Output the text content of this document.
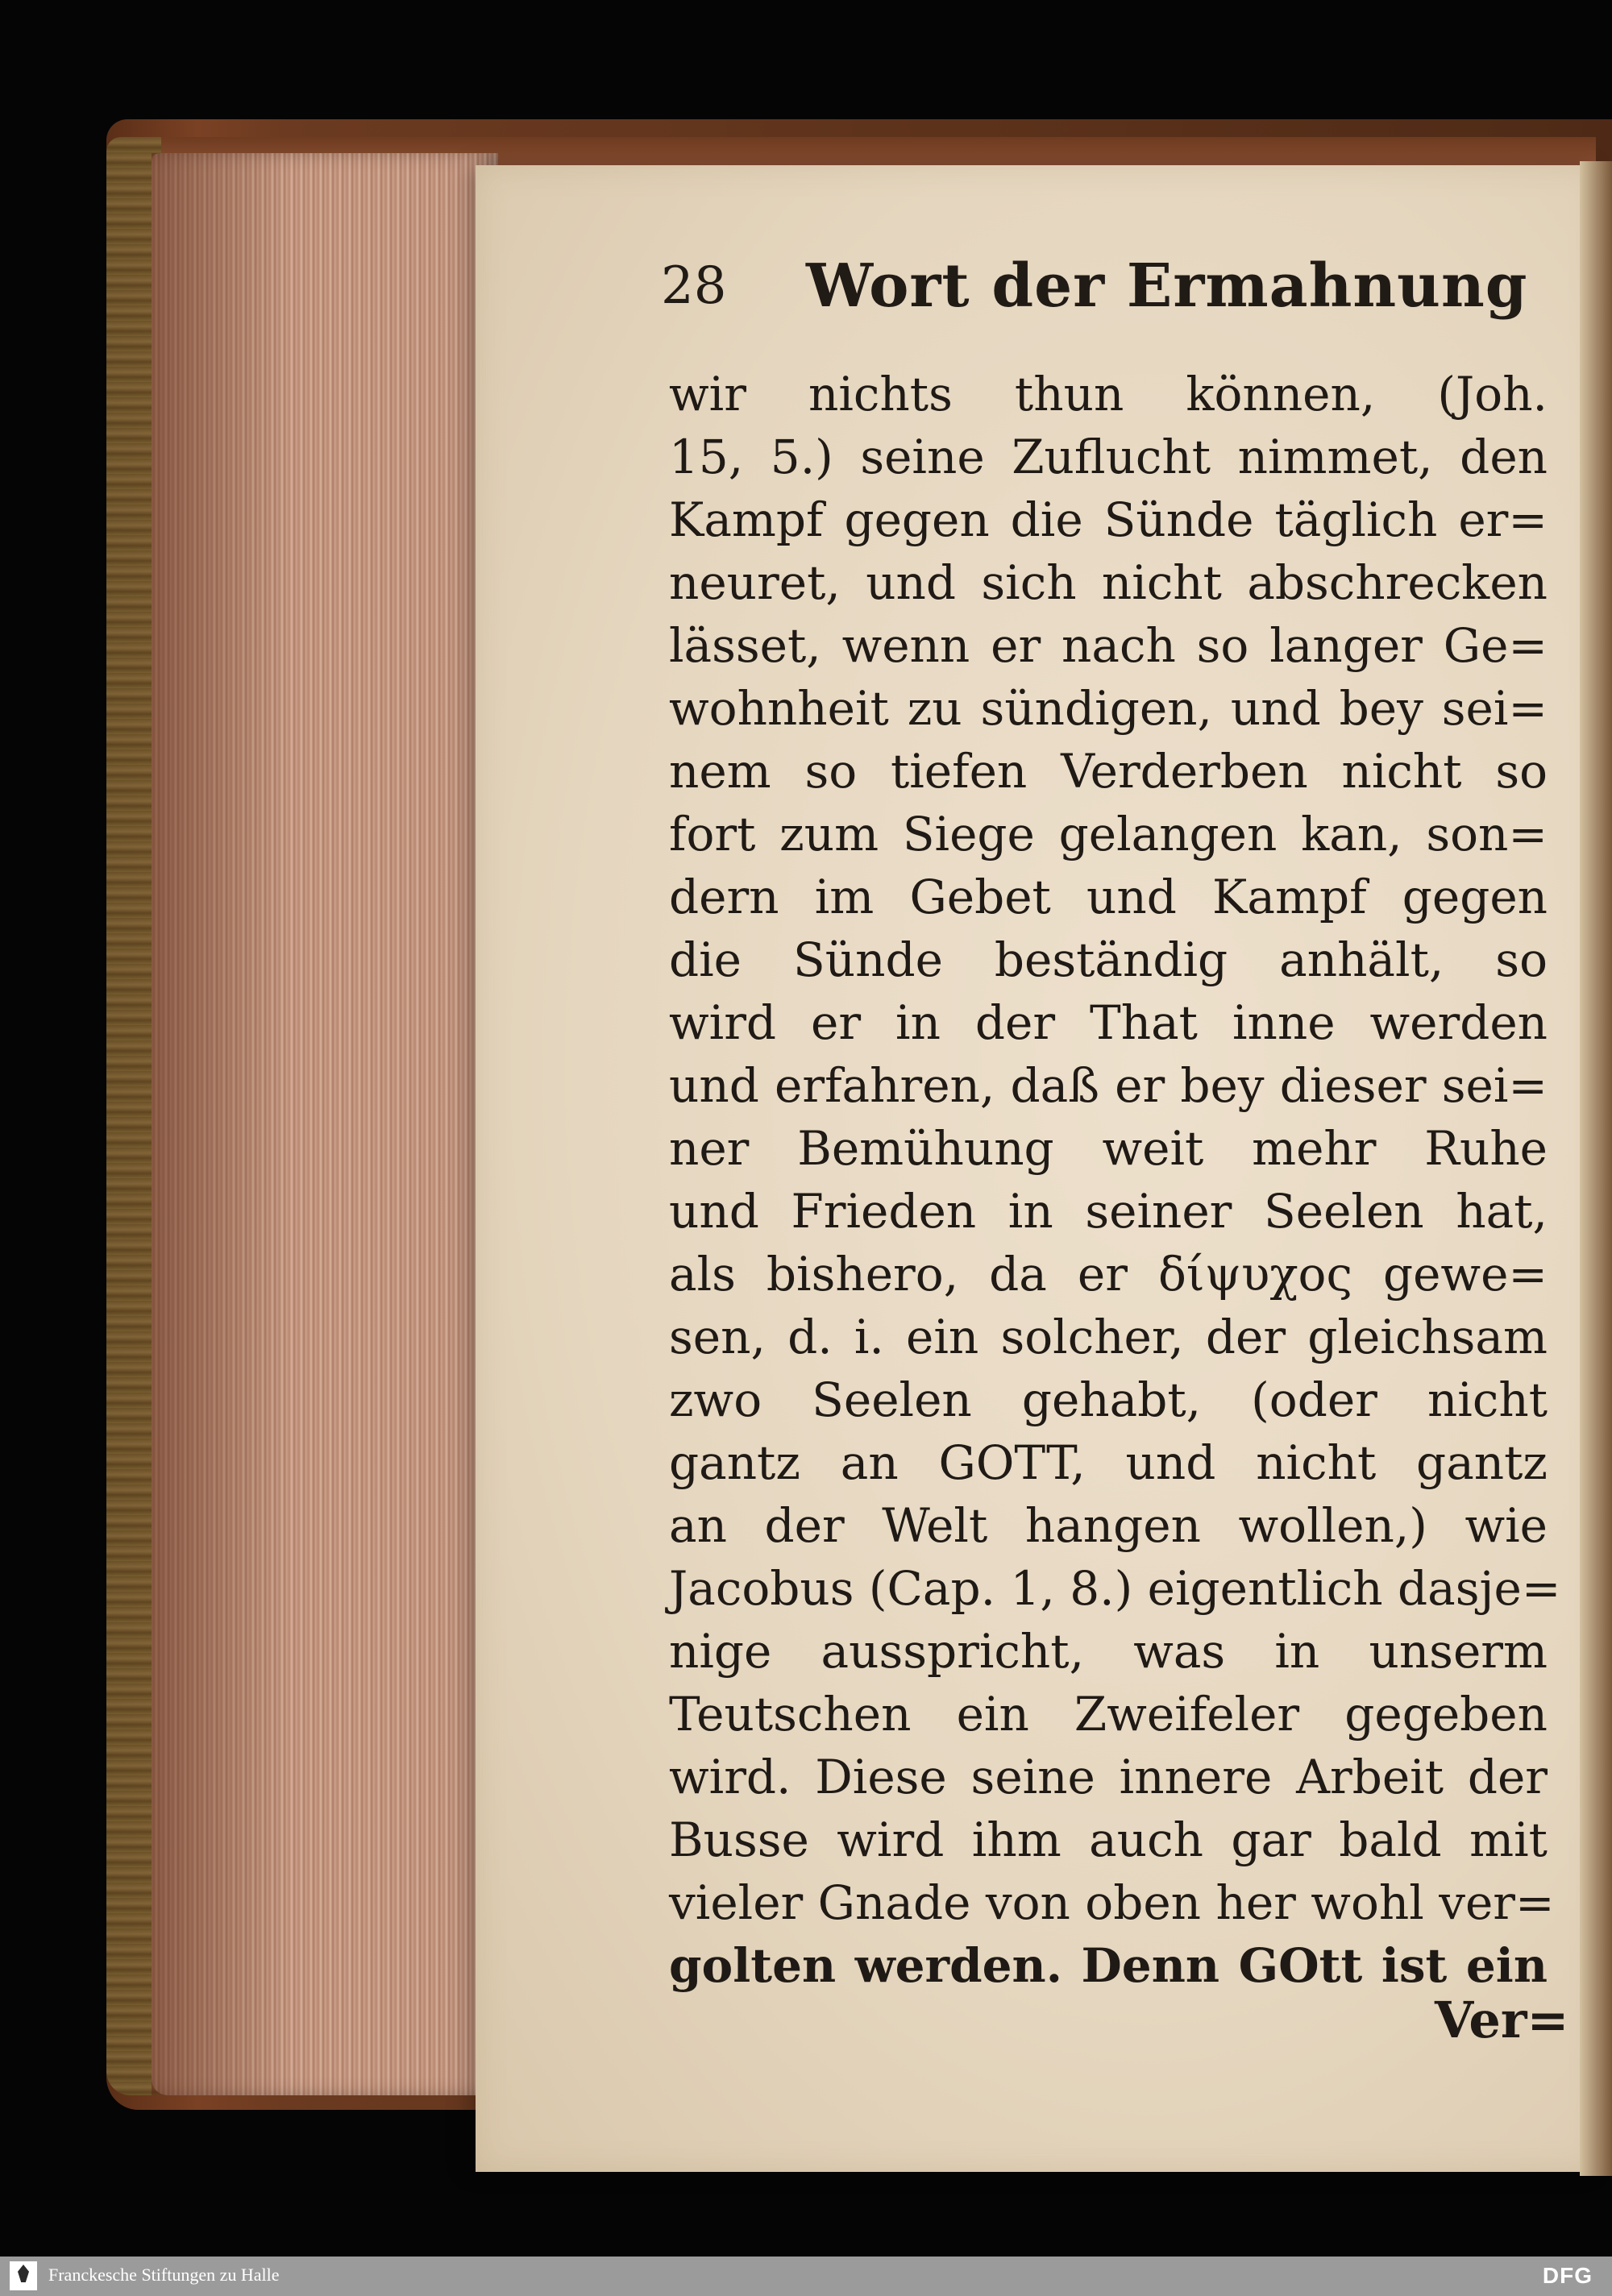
28 Wort der Ermahnung
wir nichts thun können, (Joh.
15, 5.) seine Zuflucht nimmet, den
Kampf gegen die Sünde täglich er=
neuret, und sich nicht abschrecken
lässet, wenn er nach so langer Ge=
wohnheit zu sündigen, und bey sei=
nem so tiefen Verderben nicht so
fort zum Siege gelangen kan, son=
dern im Gebet und Kampf gegen
die Sünde beständig anhält, so
wird er in der That inne werden
und erfahren, daß er bey dieser sei=
ner Bemühung weit mehr Ruhe
und Frieden in seiner Seelen hat,
als bishero, da er δίψυχος gewe=
sen, d. i. ein solcher, der gleichsam
zwo Seelen gehabt, (oder nicht
gantz an GOTT, und nicht gantz
an der Welt hangen wollen,) wie
Jacobus (Cap. 1, 8.) eigentlich dasje=
nige ausspricht, was in unserm
Teutschen ein Zweifeler gegeben
wird. Diese seine innere Arbeit der
Busse wird ihm auch gar bald mit
vieler Gnade von oben her wohl ver=
golten werden. Denn GOtt ist ein
Ver=
Franckesche Stiftungen zu Halle	DFG
